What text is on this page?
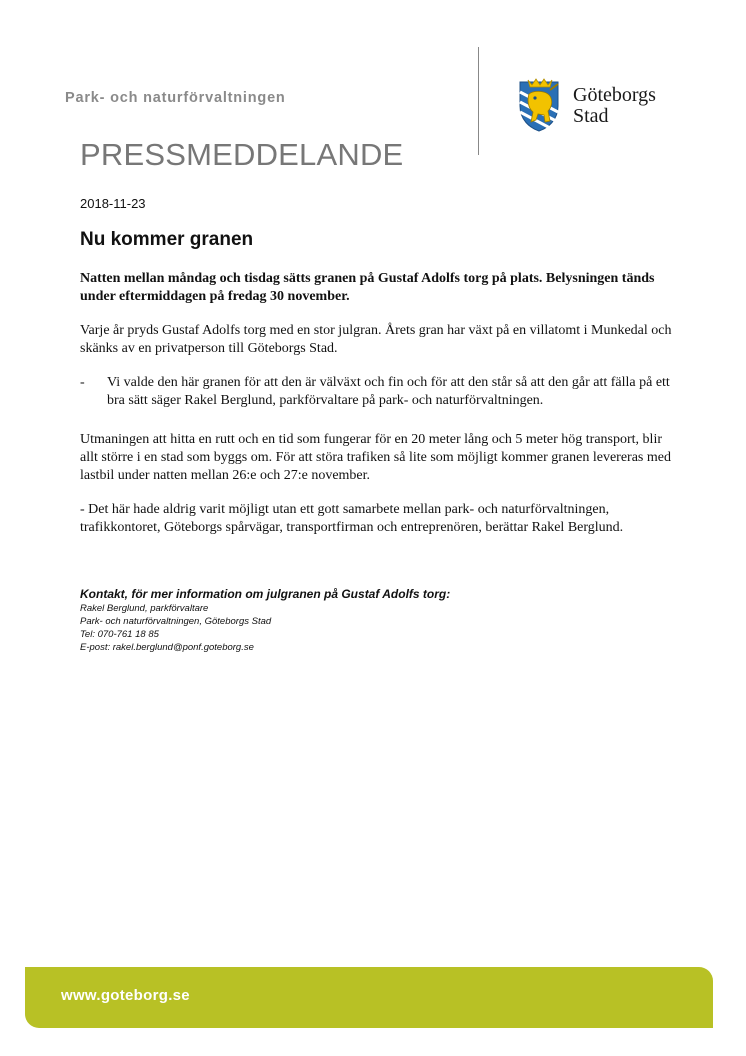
Park- och naturförvaltningen	Göteborgs
Stad
PRESSMEDDELANDE
2018-11-23
Nu kommer granen

Natten mellan måndag och tisdag sätts granen på Gustaf Adolfs torg på plats. Belysningen tänds under eftermiddagen på fredag 30 november.

Varje år pryds Gustaf Adolfs torg med en stor julgran. Årets gran har växt på en villatomt i Munkedal och skänks av en privatperson till Göteborgs Stad.

- Vi valde den här granen för att den är välväxt och fin och för att den står så att den går att fälla på ett bra sätt säger Rakel Berglund, parkförvaltare på park- och naturförvaltningen.

Utmaningen att hitta en rutt och en tid som fungerar för en 20 meter lång och 5 meter hög transport, blir allt större i en stad som byggs om. För att störa trafiken så lite som möjligt kommer granen levereras med lastbil under natten mellan 26:e och 27:e november.

- Det här hade aldrig varit möjligt utan ett gott samarbete mellan park- och naturförvaltningen, trafikkontoret, Göteborgs spårvägar, transportfirman och entreprenören, berättar Rakel Berglund.

Kontakt, för mer information om julgranen på Gustaf Adolfs torg:
Rakel Berglund, parkförvaltare
Park- och naturförvaltningen, Göteborgs Stad
Tel: 070-761 18 85
E-post: rakel.berglund@ponf.goteborg.se
www.goteborg.se
